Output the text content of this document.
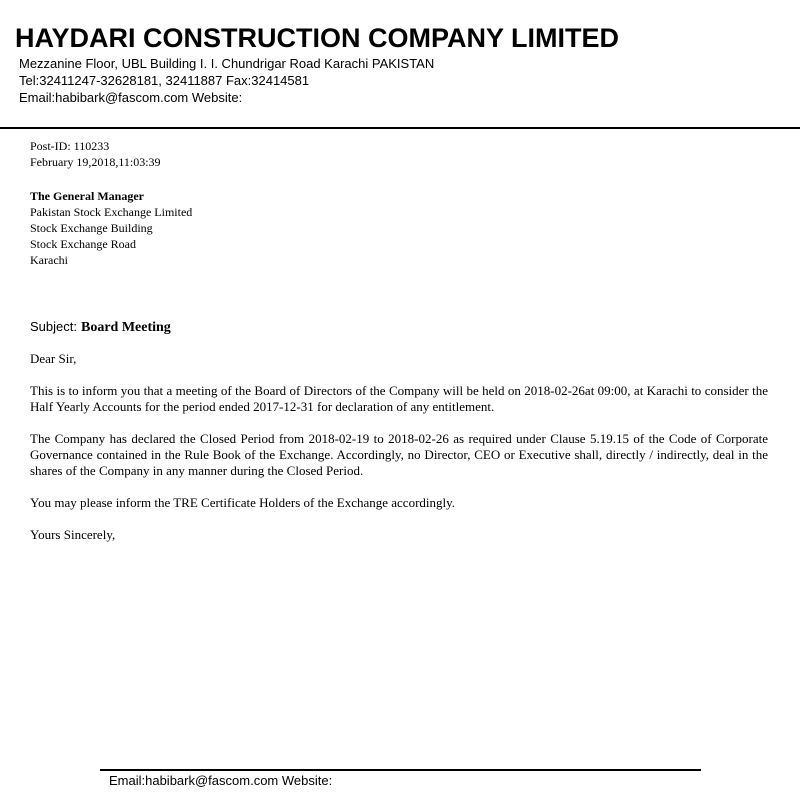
HAYDARI CONSTRUCTION COMPANY LIMITED
Mezzanine Floor, UBL Building I. I. Chundrigar Road Karachi PAKISTAN
Tel:32411247-32628181, 32411887 Fax:32414581
Email:habibark@fascom.com Website:
Post-ID: 110233
February 19,2018,11:03:39
The General Manager
Pakistan Stock Exchange Limited
Stock Exchange Building
Stock Exchange Road
Karachi
Subject: Board Meeting
Dear Sir,
This is to inform you that a meeting of the Board of Directors of the Company will be held on 2018-02-26at 09:00, at Karachi to consider the Half Yearly Accounts for the period ended 2017-12-31 for declaration of any entitlement.
The Company has declared the Closed Period from 2018-02-19 to 2018-02-26 as required under Clause 5.19.15 of the Code of Corporate Governance contained in the Rule Book of the Exchange. Accordingly, no Director, CEO or Executive shall, directly / indirectly, deal in the shares of the Company in any manner during the Closed Period.
You may please inform the TRE Certificate Holders of the Exchange accordingly.
Yours Sincerely,
Email:habibark@fascom.com Website:
